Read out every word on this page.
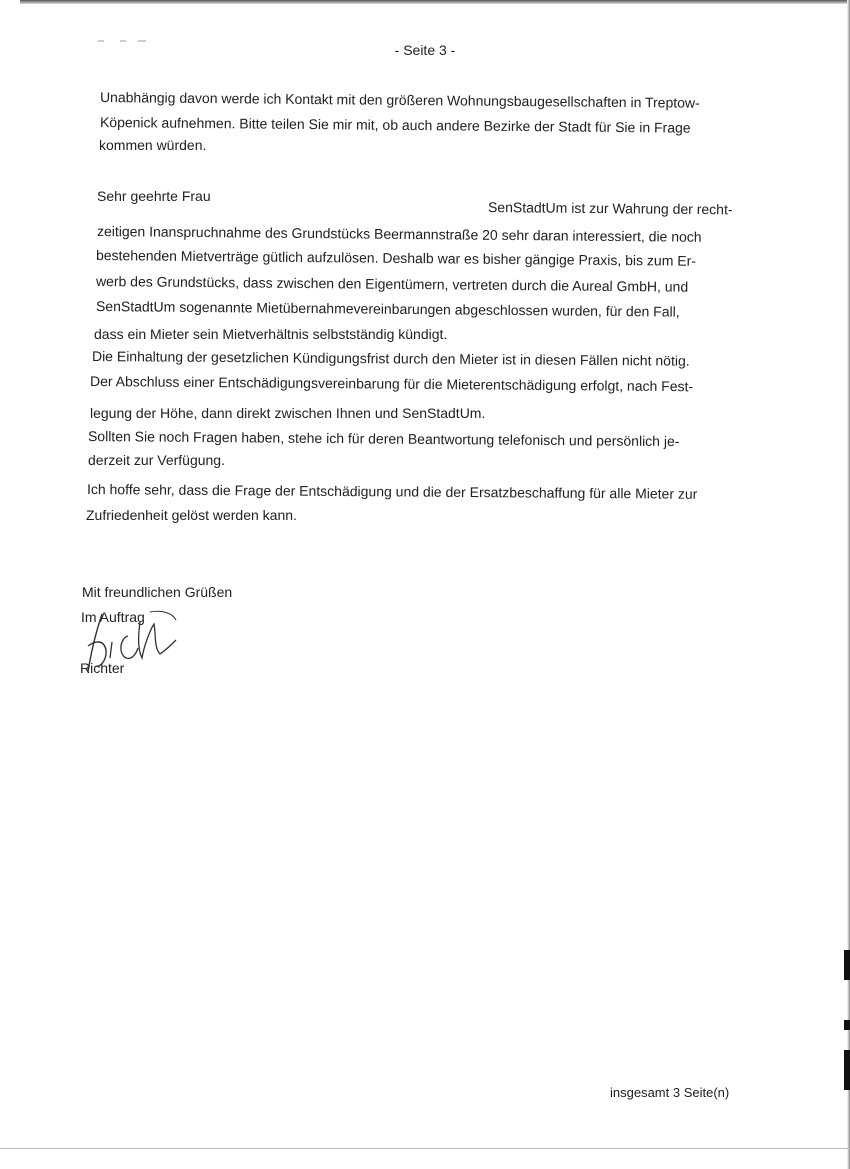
- Seite 3 -
Unabhängig davon werde ich Kontakt mit den größeren Wohnungsbaugesellschaften in Treptow-
Köpenick aufnehmen. Bitte teilen Sie mir mit, ob auch andere Bezirke der Stadt für Sie in Frage
kommen würden.
Sehr geehrte Frau
SenStadtUm ist zur Wahrung der recht-
zeitigen Inanspruchnahme des Grundstücks Beermannstraße 20 sehr daran interessiert, die noch
bestehenden Mietverträge gütlich aufzulösen. Deshalb war es bisher gängige Praxis, bis zum Er-
werb des Grundstücks, dass zwischen den Eigentümern, vertreten durch die Aureal GmbH, und
SenStadtUm sogenannte Mietübernahmevereinbarungen abgeschlossen wurden, für den Fall,
dass ein Mieter sein Mietverhältnis selbstständig kündigt.
Die Einhaltung der gesetzlichen Kündigungsfrist durch den Mieter ist in diesen Fällen nicht nötig.
Der Abschluss einer Entschädigungsvereinbarung für die Mieterentschädigung erfolgt, nach Fest-
legung der Höhe, dann direkt zwischen Ihnen und SenStadtUm.
Sollten Sie noch Fragen haben, stehe ich für deren Beantwortung telefonisch und persönlich je-
derzeit zur Verfügung.
Ich hoffe sehr, dass die Frage der Entschädigung und die der Ersatzbeschaffung für alle Mieter zur
Zufriedenheit gelöst werden kann.
Mit freundlichen Grüßen
Im Auftrag
Richter
insgesamt 3 Seite(n)
